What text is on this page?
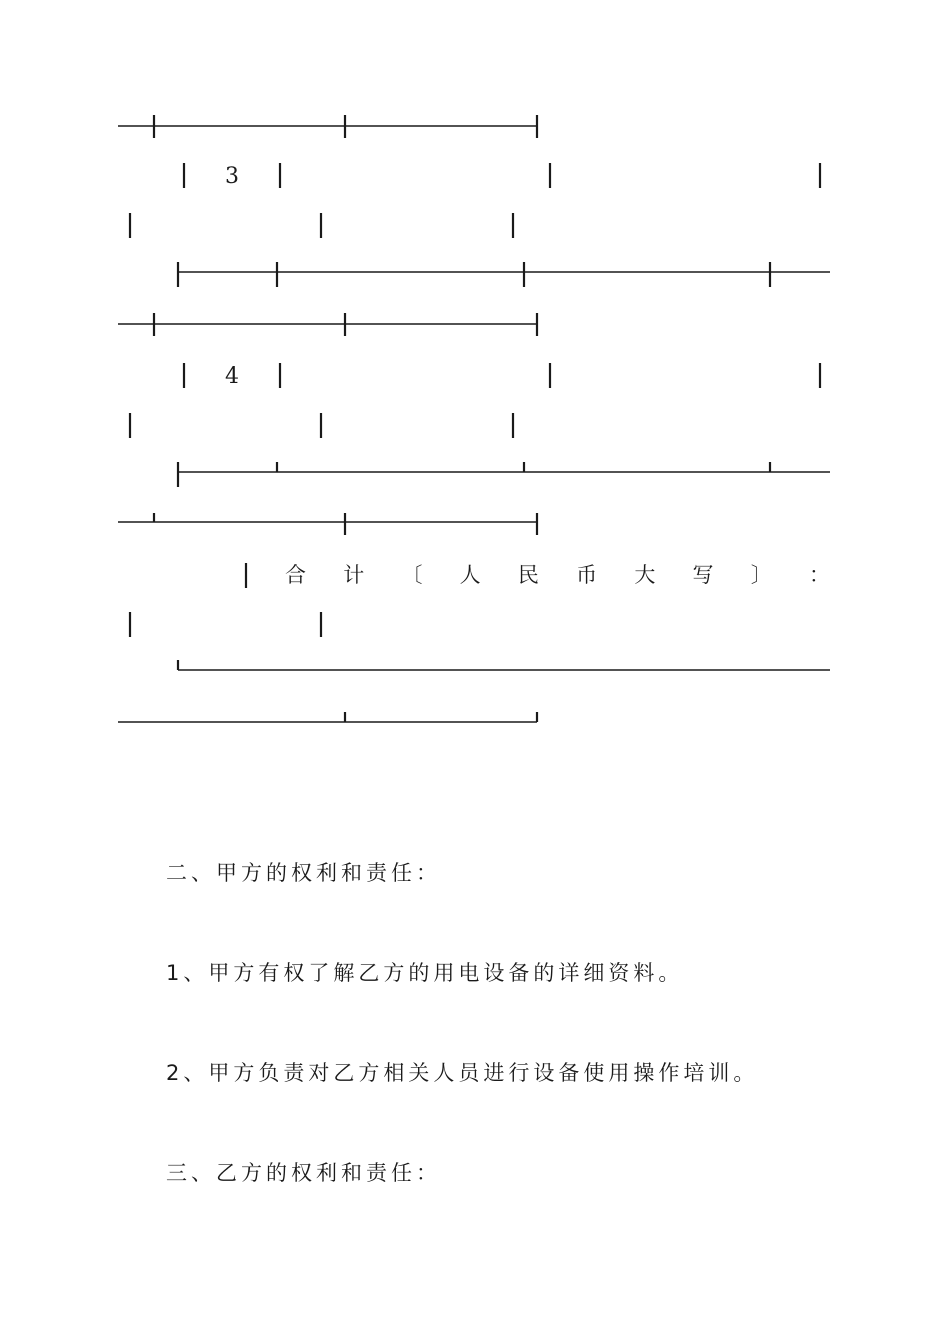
3
4
合 计 〔 人 民 币 大 写 〕 ：
二、甲方的权利和责任：
1、甲方有权了解乙方的用电设备的详细资料。
2、甲方负责对乙方相关人员进行设备使用操作培训。
三、乙方的权利和责任：
